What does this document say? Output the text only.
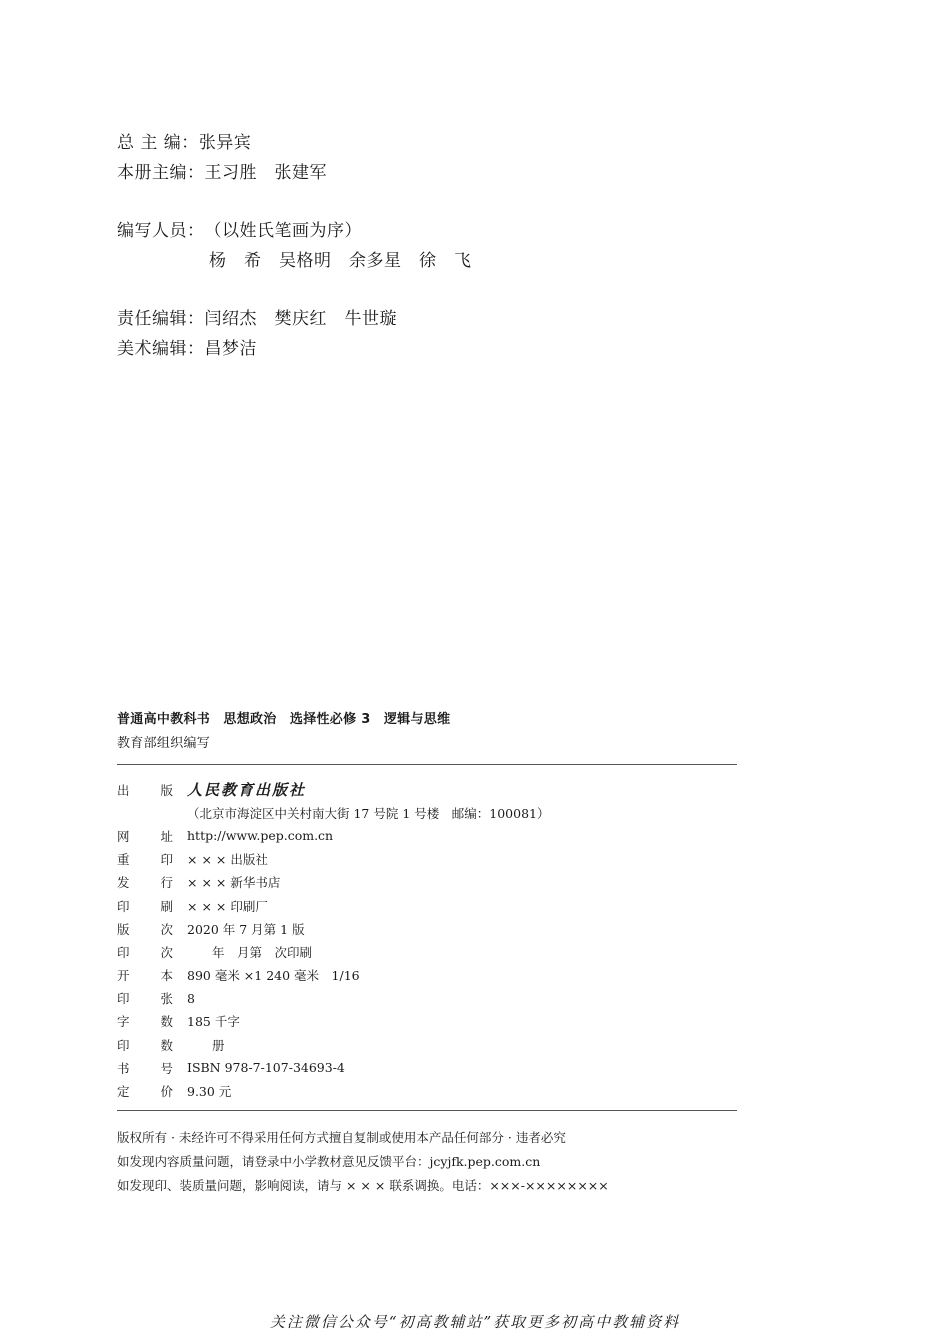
总 主 编： 张异宾
本册主编： 王习胜　张建军
编写人员： （以姓氏笔画为序）
杨　希　吴格明　余多星　徐　飞
责任编辑： 闫绍杰　樊庆红　牛世璇
美术编辑： 昌梦洁
普通高中教科书　思想政治　选择性必修 3　逻辑与思维
教育部组织编写
出 版 人民教育出版社
（北京市海淀区中关村南大街 17 号院 1 号楼　邮编：100081）
网 址 http://www.pep.com.cn
重 印 × × × 出版社
发 行 × × × 新华书店
印 刷 × × × 印刷厂
版 次 2020 年 7 月第 1 版
印 次 　　年　月第　次印刷
开 本 890 毫米 ×1 240 毫米　1/16
印 张 8
字 数 185 千字
印 数 　　册
书 号 ISBN 978-7-107-34693-4
定 价 9.30 元
版权所有 · 未经许可不得采用任何方式擅自复制或使用本产品任何部分 · 违者必究
如发现内容质量问题，请登录中小学教材意见反馈平台：jcyjfk.pep.com.cn
如发现印、装质量问题，影响阅读，请与 × × × 联系调换。电话：×××-××××××××
关注微信公众号“初高教辅站”获取更多初高中教辅资料
